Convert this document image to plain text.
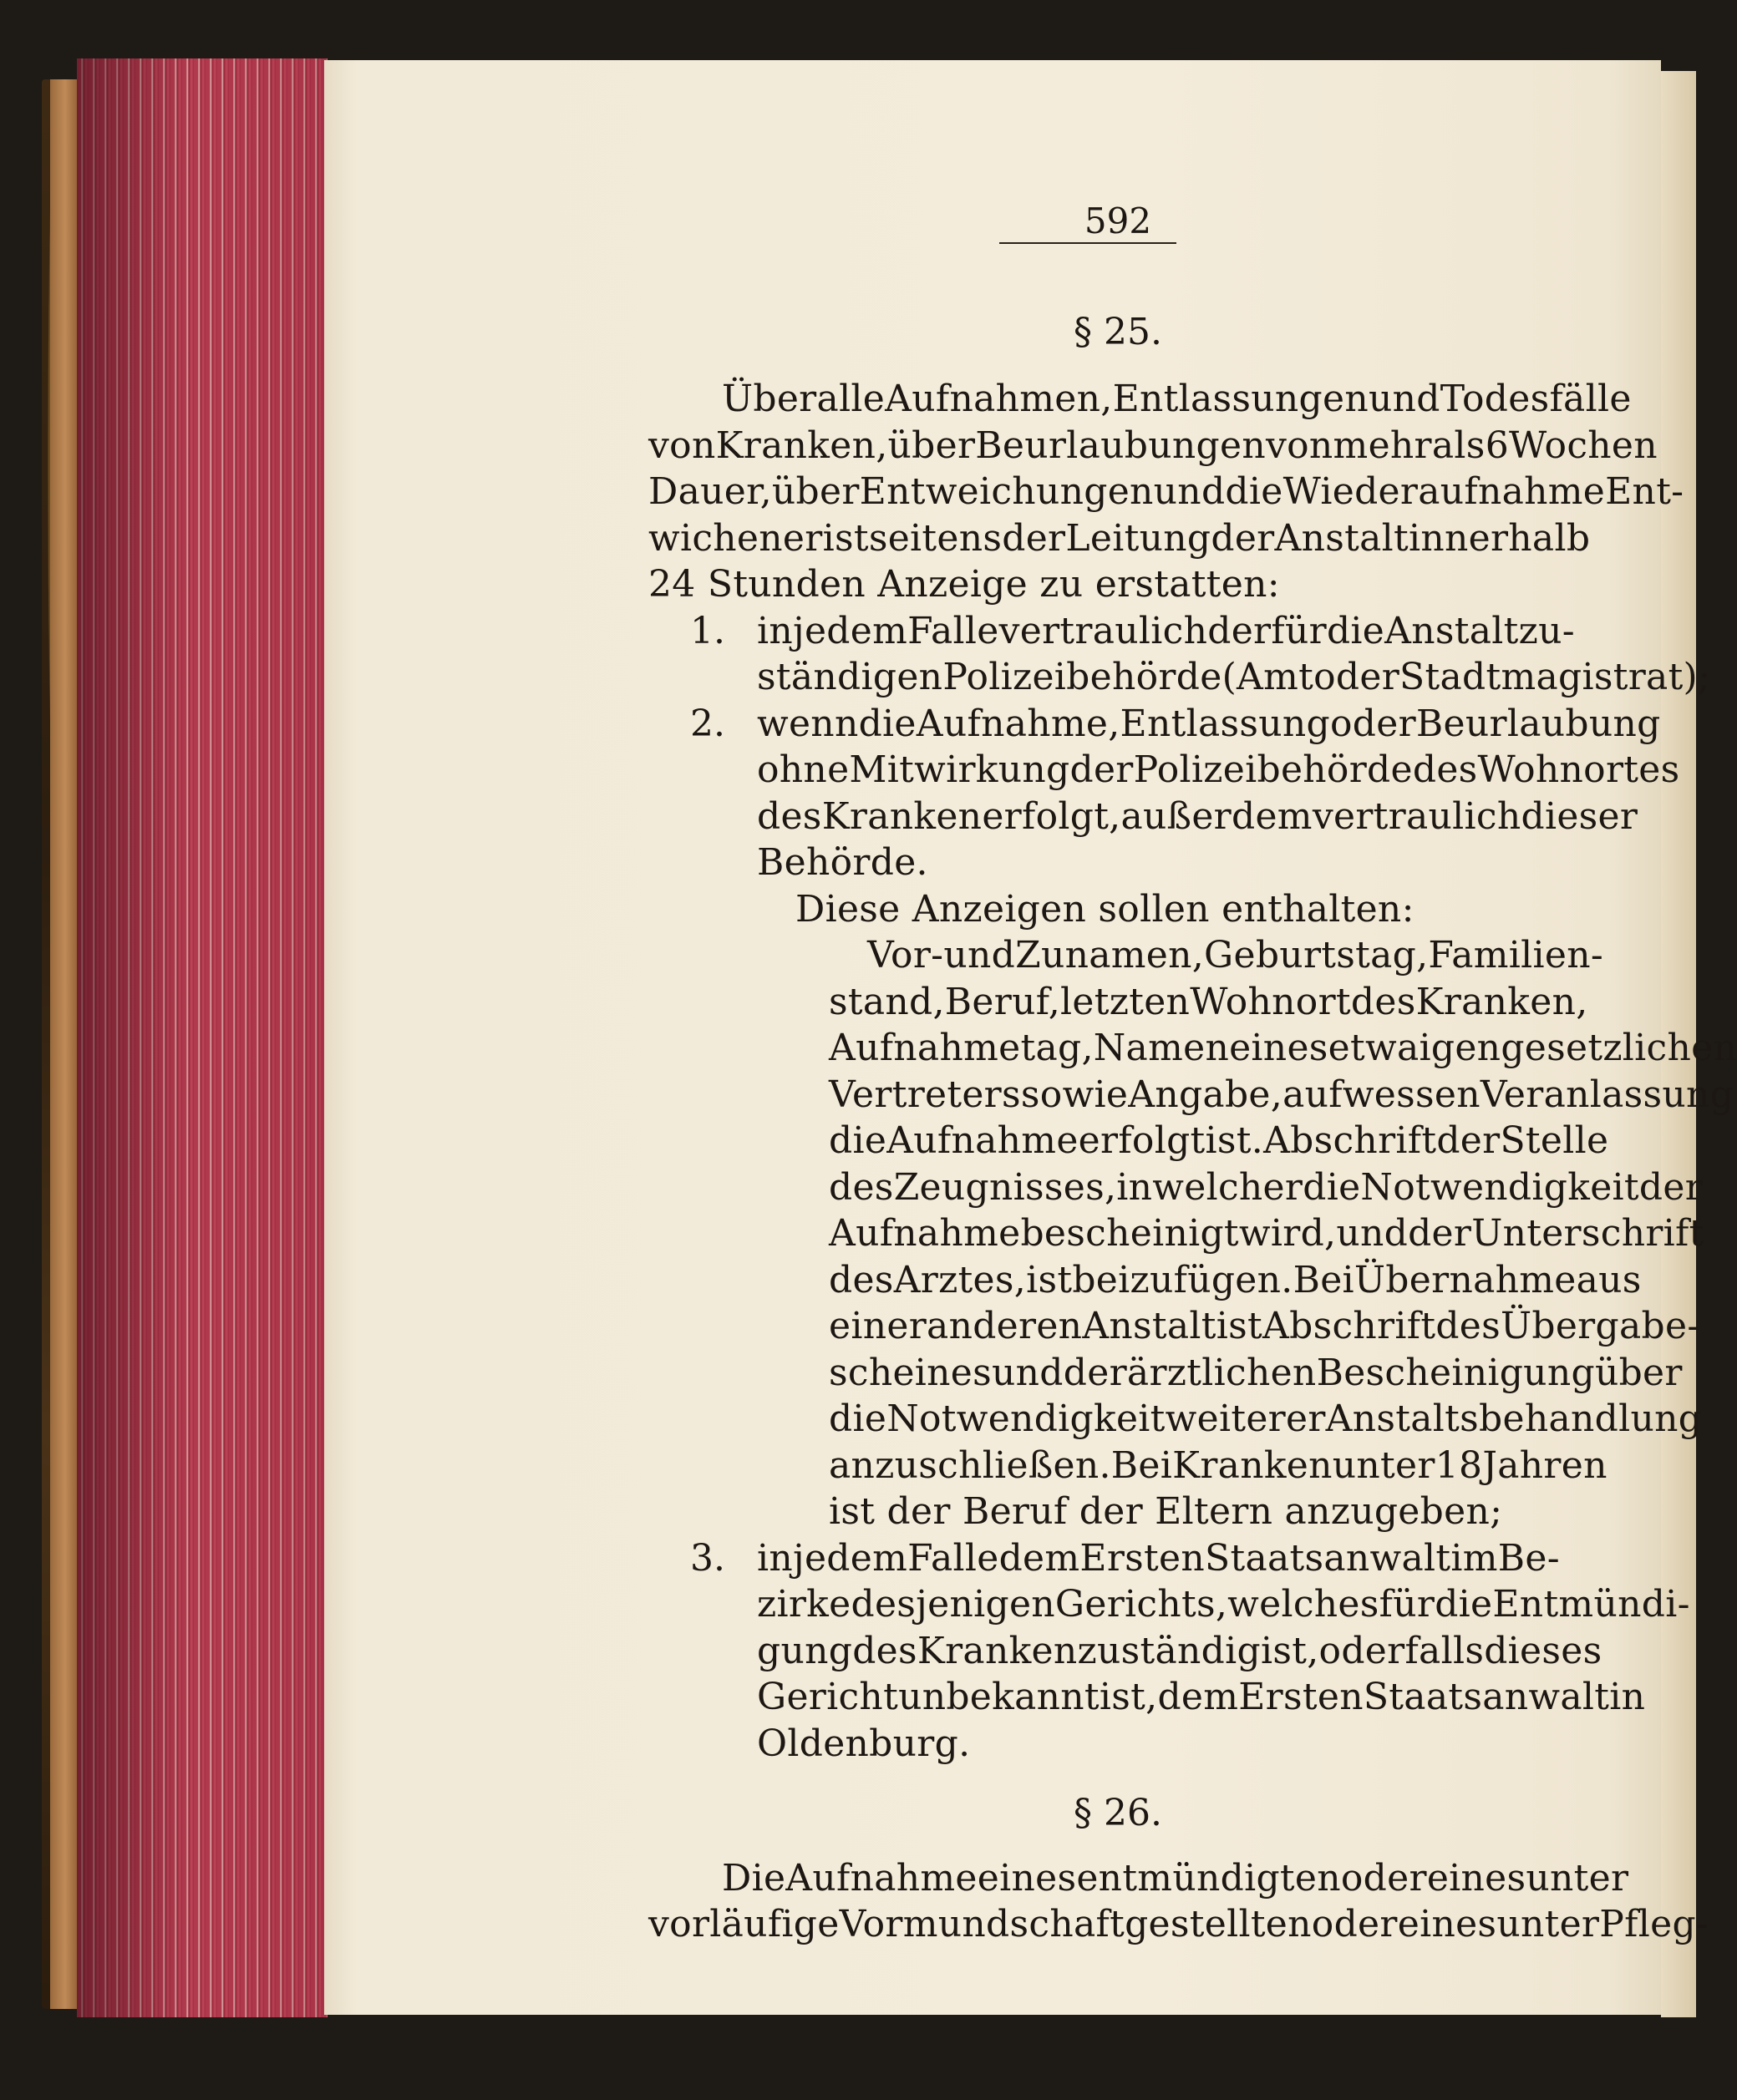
592
§ 25.
Über alle Aufnahmen, Entlassungen und Todesfälle
von Kranken, über Beurlaubungen von mehr als 6 Wochen
Dauer, über Entweichungen und die Wiederaufnahme Ent-
wichener ist seitens der Leitung der Anstalt innerhalb
24 Stunden Anzeige zu erstatten:
1. in jedem Falle vertraulich der für die Anstalt zu-
ständigen Polizeibehörde (Amt oder Stadtmagistrat);
2. wenn die Aufnahme, Entlassung oder Beurlaubung
ohne Mitwirkung der Polizeibehörde des Wohnortes
des Kranken erfolgt, außerdem vertraulich dieser
Behörde.
Diese Anzeigen sollen enthalten:
Vor- und Zunamen, Geburtstag, Familien-
stand, Beruf, letzten Wohnort des Kranken,
Aufnahmetag, Namen eines etwaigen gesetzlichen
Vertreters sowie Angabe, auf wessen Veranlassung
die Aufnahme erfolgt ist. Abschrift der Stelle
des Zeugnisses, in welcher die Notwendigkeit der
Aufnahme bescheinigt wird, und der Unterschrift
des Arztes, ist beizufügen. Bei Übernahme aus
einer anderen Anstalt ist Abschrift des Übergabe-
scheines und der ärztlichen Bescheinigung über
die Notwendigkeit weiterer Anstaltsbehandlung
anzuschließen. Bei Kranken unter 18 Jahren
ist der Beruf der Eltern anzugeben;
3. in jedem Falle dem Ersten Staatsanwalt im Be-
zirke desjenigen Gerichts, welches für die Entmündi-
gung des Kranken zuständig ist, oder falls dieses
Gericht unbekannt ist, dem Ersten Staatsanwalt in
Oldenburg.
§ 26.
Die Aufnahme eines entmündigten oder eines unter
vorläufige Vormundschaft gestellten oder eines unter Pfleg-
